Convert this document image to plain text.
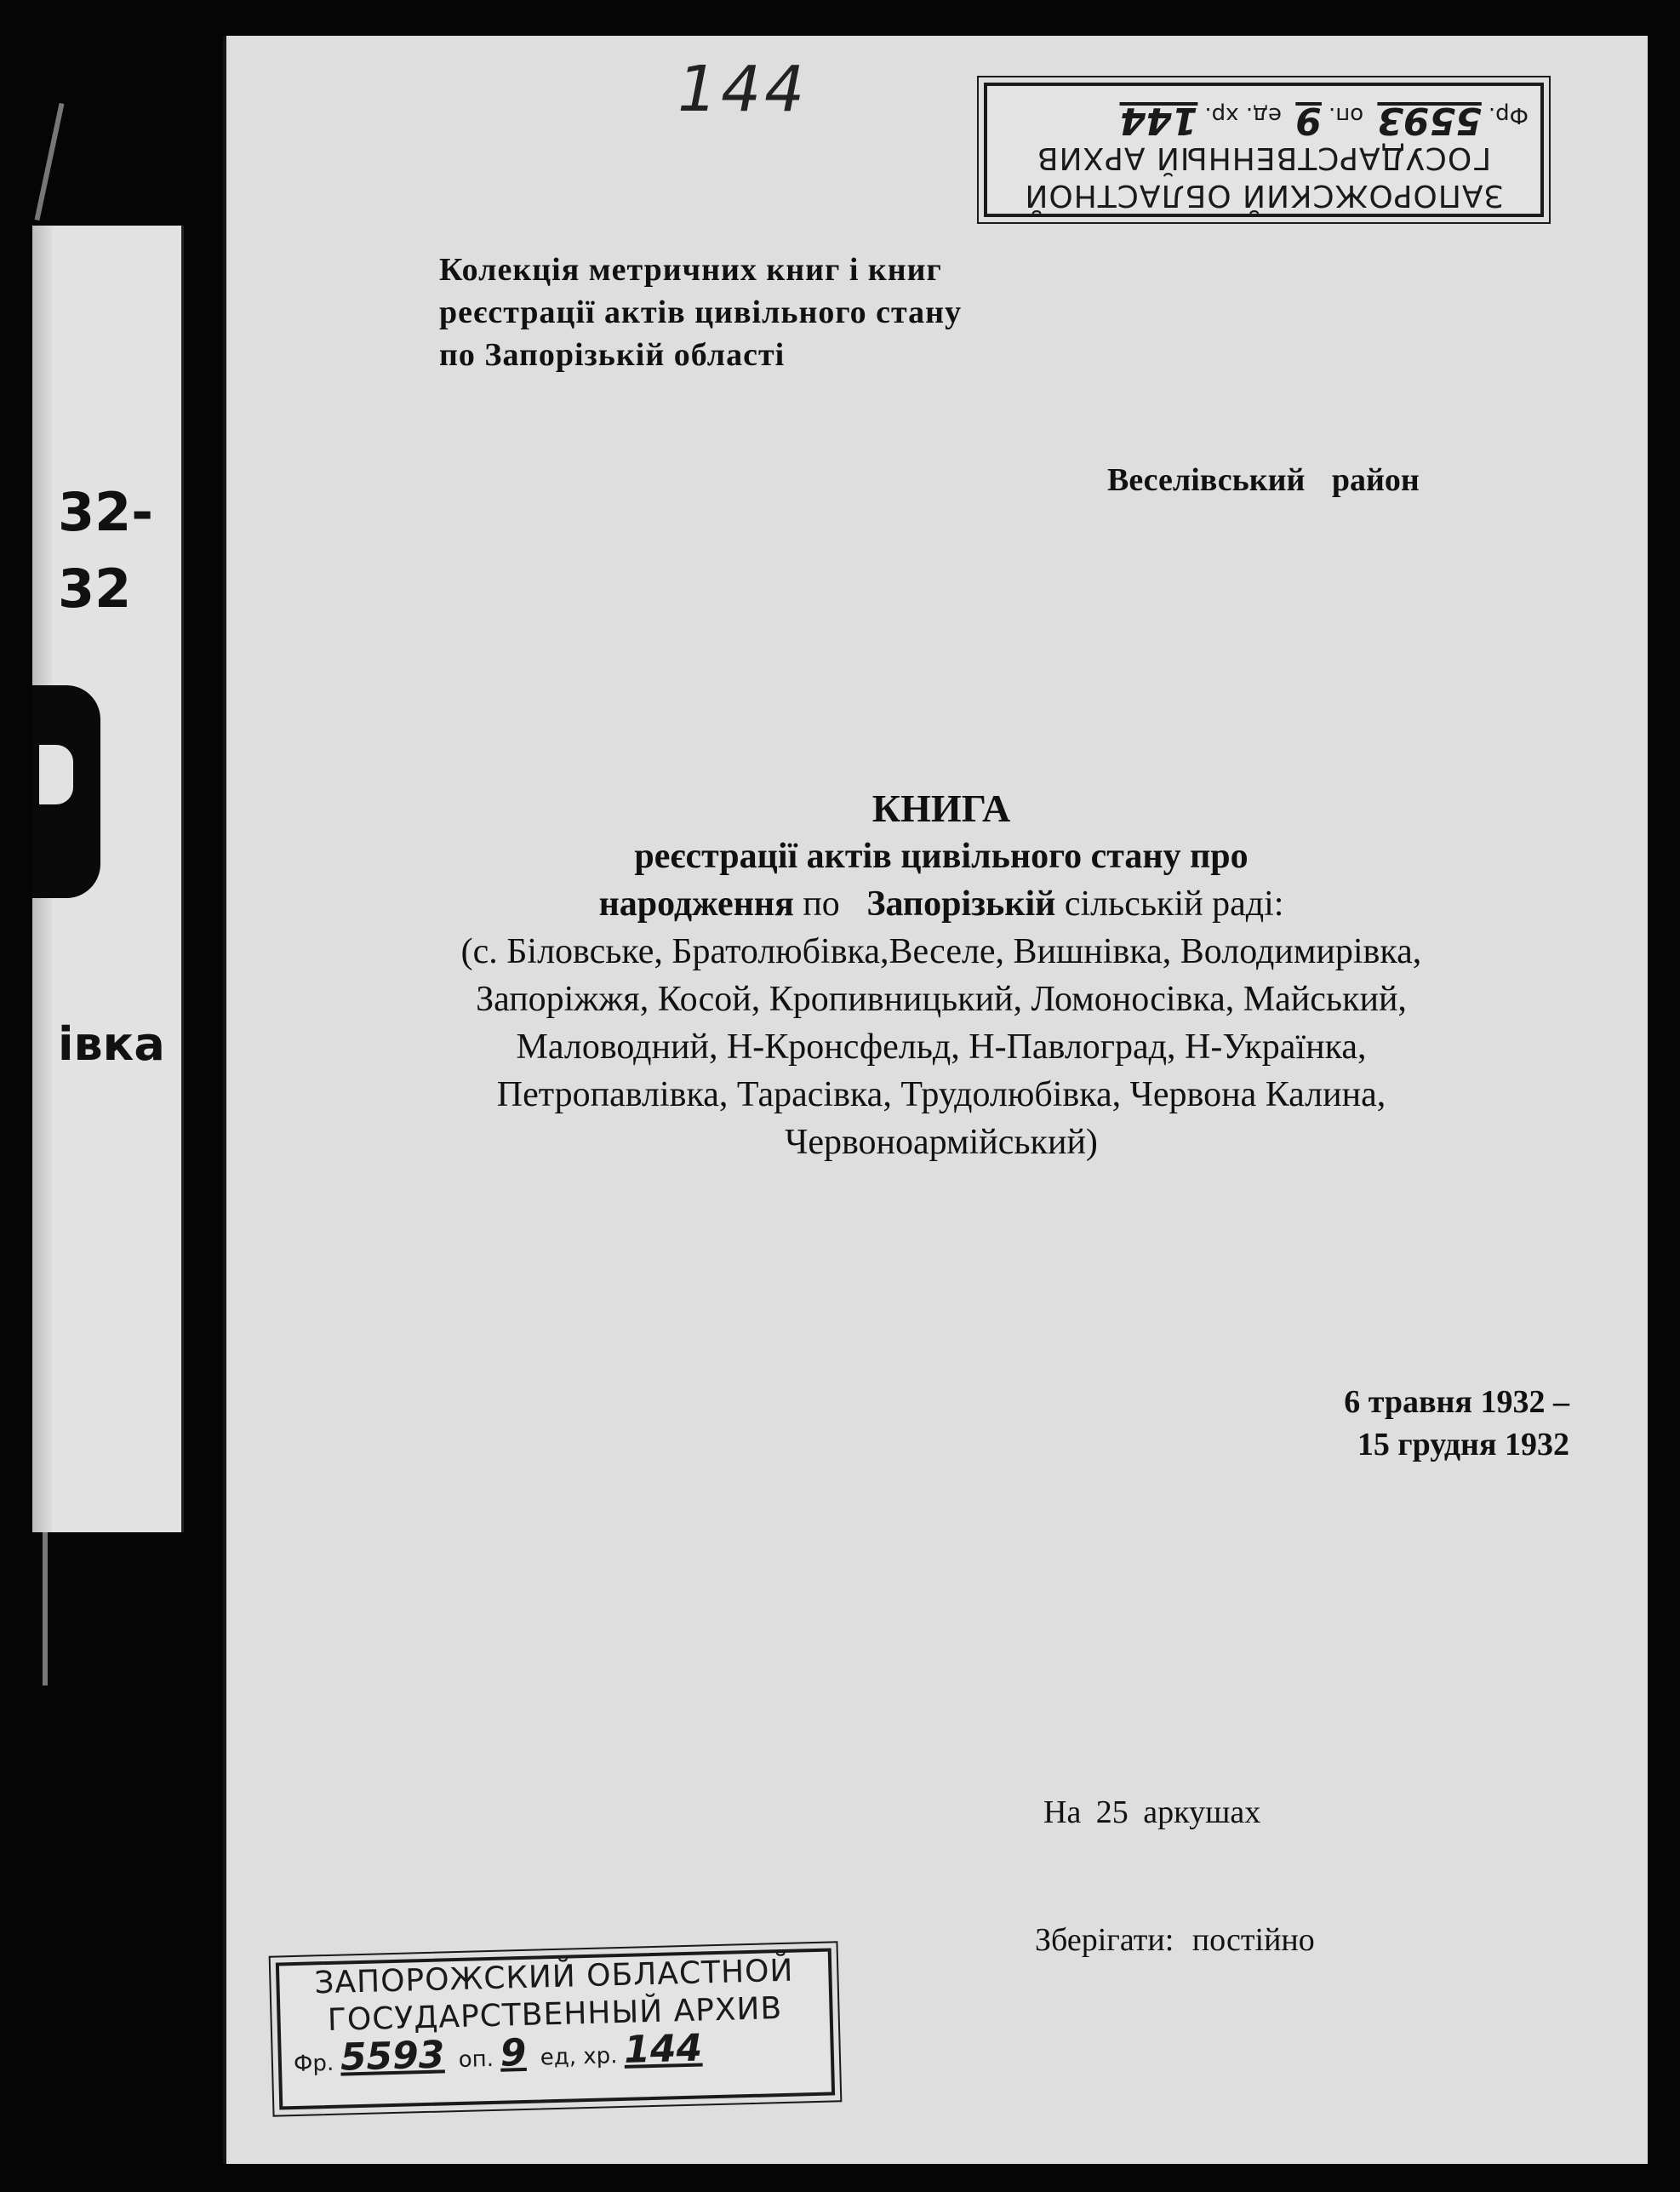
32-
32
івка
144
ЗАПОРОЖСКИЙ ОБЛАСТНОЙ
ГОСУДАРСТВЕННЫЙ АРХИВ
Фр.5593 оп.9 ед. хр.144
Колекція метричних книг і книг
реєстрації актів цивільного стану
по Запорізькій області
Веселівський район
КНИГА
реєстрації актів цивільного стану про
народження по Запорізькій сільській раді:
(с. Біловське, Братолюбівка,Веселе, Вишнівка, Володимирівка,
Запоріжжя, Косой, Кропивницький, Ломоносівка, Майський,
Маловодний, Н-Кронсфельд, Н-Павлоград, Н-Українка,
Петропавлівка, Тарасівка, Трудолюбівка, Червона Калина,
Червоноармійський)
6 травня 1932 –
15 грудня 1932
На 25 аркушах
Зберігати: постійно
ЗАПОРОЖСКИЙ ОБЛАСТНОЙ
ГОСУДАРСТВЕННЫЙ АРХИВ
Фр. 5593 оп. 9 ед, хр. 144
